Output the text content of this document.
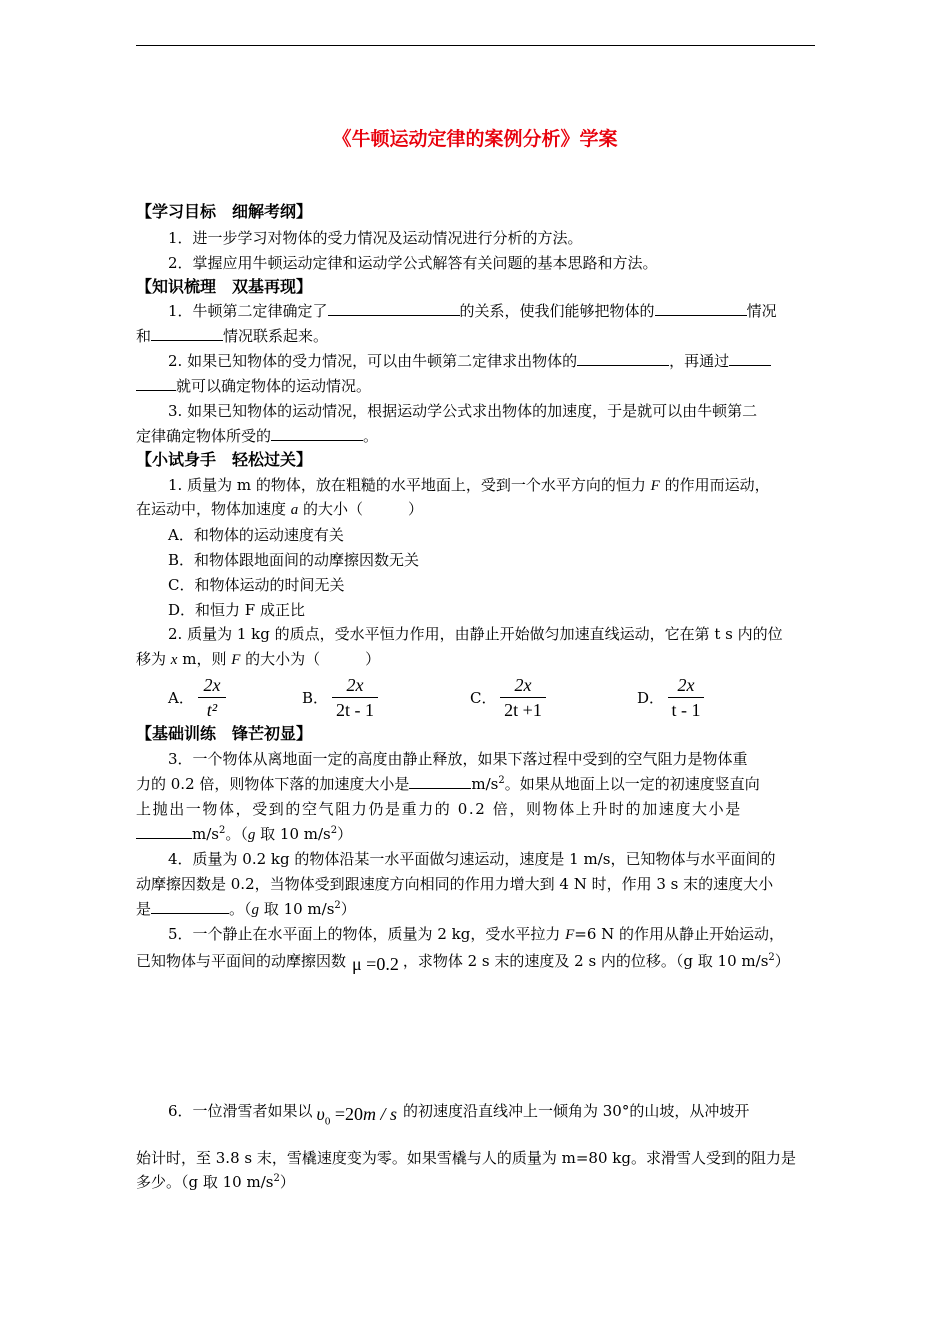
《牛顿运动定律的案例分析》学案
【学习目标　细解考纲】
1．进一步学习对物体的受力情况及运动情况进行分析的方法。
2．掌握应用牛顿运动定律和运动学公式解答有关问题的基本思路和方法。
【知识梳理　双基再现】
1．牛顿第二定律确定了	的关系，使我们能够把物体的	情况
和	情况联系起来。
2. 如果已知物体的受力情况，可以由牛顿第二定律求出物体的	，再通过
就可以确定物体的运动情况。
3. 如果已知物体的运动情况，根据运动学公式求出物体的加速度，于是就可以由牛顿第二
定律确定物体所受的	。
【小试身手　轻松过关】
1. 质量为 m 的物体，放在粗糙的水平地面上，受到一个水平方向的恒力 F 的作用而运动，
在运动中，物体加速度 a 的大小（　　　）
A．和物体的运动速度有关
B．和物体跟地面间的动摩擦因数无关
C．和物体运动的时间无关
D．和恒力 F 成正比
2. 质量为 1 kg 的质点，受水平恒力作用，由静止开始做匀加速直线运动，它在第 t s 内的位
移为 x m，则 F 的大小为（　　　）
A．
2x
t²
B．
2x
2t - 1
C．
2x
2t +1
D．
2x
t - 1
【基础训练　锋芒初显】
3．一个物体从离地面一定的高度由静止释放，如果下落过程中受到的空气阻力是物体重
力的 0.2 倍，则物体下落的加速度大小是	$m/s^2$。如果从地面上以一定的初速度竖直向
上抛出一物体，受到的空气阻力仍是重力的 0.2 倍，则物体上升时的加速度大小是
$m/s^2$。（g 取 10 $m/s^2$）
4．质量为 0.2 kg 的物体沿某一水平面做匀速运动，速度是 1 m/s，已知物体与水平面间的
动摩擦因数是 0.2，当物体受到跟速度方向相同的作用力增大到 4 N 时，作用 3 s 末的速度大小
是	。（g 取 10 $m/s^2$）
5．一个静止在水平面上的物体，质量为 2 kg，受水平拉力 F=6 N 的作用从静止开始运动，
已知物体与平面间的动摩擦因数 μ =0.2 ，求物体 2 s 末的速度及 2 s 内的位移。（g 取 10 $m/s^2$）
6．一位滑雪者如果以 $\upsilon_0 =20m / s$ 的初速度沿直线冲上一倾角为 30°的山坡，从冲坡开
始计时，至 3.8 s 末，雪橇速度变为零。如果雪橇与人的质量为 m=80 kg。求滑雪人受到的阻力是
多少。（g 取 10 $m/s^2$）
